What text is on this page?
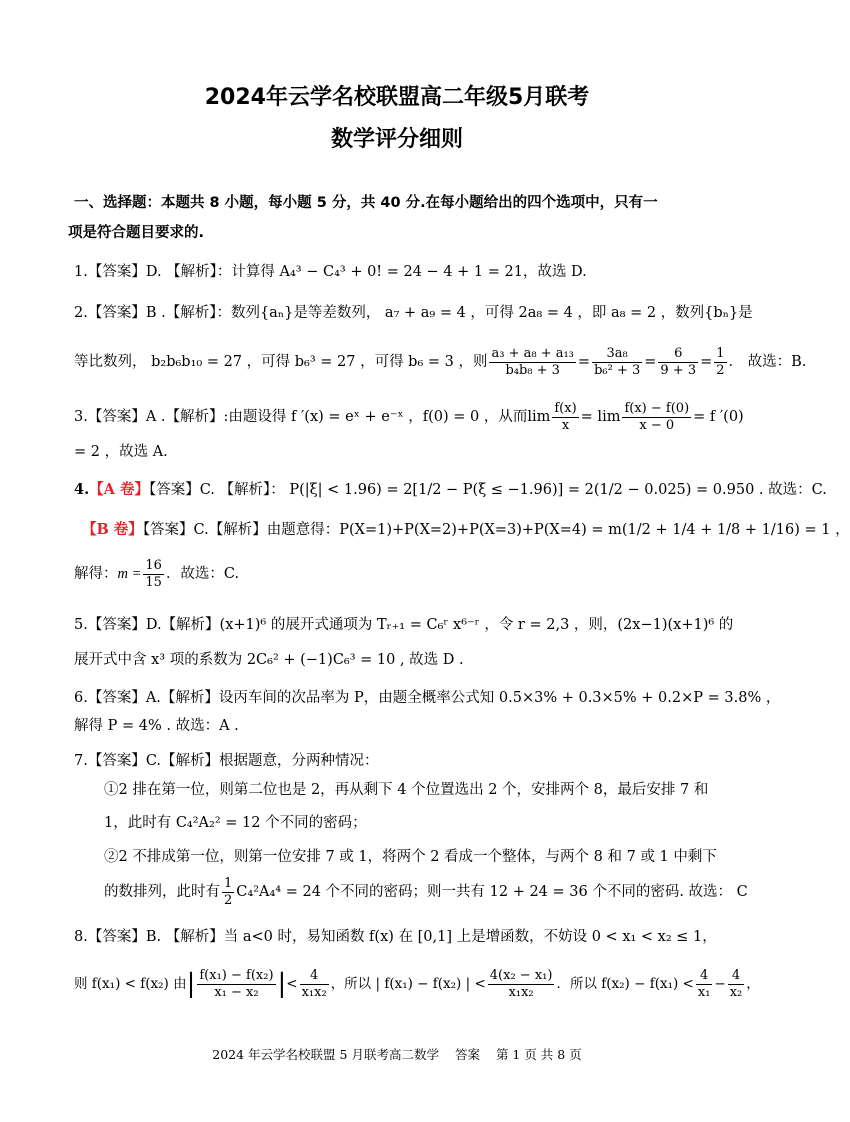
2024年云学名校联盟高二年级5月联考
数学评分细则
一、选择题：本题共 8 小题，每小题 5 分，共 40 分.在每小题给出的四个选项中，只有一
项是符合题目要求的.
1.【答案】D. 【解析】：计算得 A₄³ − C₄³ + 0! = 24 − 4 + 1 = 21，故选 D.
2.【答案】B .【解析】：数列{aₙ}是等差数列， a₇ + a₉ = 4 ，可得 2a₈ = 4 ，即 a₈ = 2 ，数列{bₙ}是
等比数列， b₂b₆b₁₀ = 27 ，可得 b₆³ = 27 ，可得 b₆ = 3 ，则 $\frac{\text{a₃ + a₈ + a₁₃}}{\text{b₄b₈ + 3}} = \frac{\text{3a₈}}{\text{b₆² + 3}} = \frac{6}{9 + 3} = \frac{1}{2}$ ． 故选：B.
3.【答案】A .【解析】:由题设得 f ′(x) = eˣ + e⁻ˣ ，f(0) = 0 ，从而 $\lim \frac{f(x)}{x} = \lim \frac{f(x) - f(0)}{x - 0} = f$ ′(0)
= 2 ，故选 A.
4.【A 卷】【答案】C. 【解析】： P(|ξ| < 1.96) = 2[1/2 − P(ξ ≤ −1.96)] = 2(1/2 − 0.025) = 0.950 . 故选：C.
【B 卷】【答案】C.【解析】由题意得：P(X=1)+P(X=2)+P(X=3)+P(X=4) = m(1/2 + 1/4 + 1/8 + 1/16) = 1 ，
解得： $m = \frac{16}{15}$ ．故选：C.
5.【答案】D.【解析】(x+1)⁶ 的展开式通项为 Tᵣ₊₁ = C₆ʳ x⁶⁻ʳ ，令 r = 2,3 ，则，(2x−1)(x+1)⁶ 的
展开式中含 x³ 项的系数为 2C₆² + (−1)C₆³ = 10 , 故选 D .
6.【答案】A.【解析】设丙车间的次品率为 P，由题全概率公式知 0.5×3% + 0.3×5% + 0.2×P = 3.8% ，
解得 P = 4% . 故选：A .
7.【答案】C.【解析】根据题意，分两种情况：
①2 排在第一位，则第二位也是 2，再从剩下 4 个位置选出 2 个，安排两个 8，最后安排 7 和
1，此时有 C₄²A₂² = 12 个不同的密码；
②2 不排成第一位，则第一位安排 7 或 1，将两个 2 看成一个整体，与两个 8 和 7 或 1 中剩下
的数排列，此时有 $\frac{1}{2} C_4^2A_4^4 = 24$ 个不同的密码；则一共有 12 + 24 = 36 个不同的密码. 故选： C
8.【答案】B. 【解析】当 a<0 时，易知函数 f(x) 在 [0,1] 上是增函数，不妨设 0 < x₁ < x₂ ≤ 1，
则 f(x₁) < f(x₂) 由 | $\frac{\text{f(x₁) − f(x₂)}}{\text{x₁ − x₂}}$ | < $\frac{4}{\text{x₁x₂}}$ ，所以 | f(x₁) − f(x₂) | < $\frac{\text{4(x₂ − x₁)}}{\text{x₁x₂}}$ ．所以 $f(x_2) - f(x_1) < \frac{4}{\text{x₁}} - \frac{4}{\text{x₂}}$ ，
2024 年云学名校联盟 5 月联考高二数学 答案 第 1 页 共 8 页
